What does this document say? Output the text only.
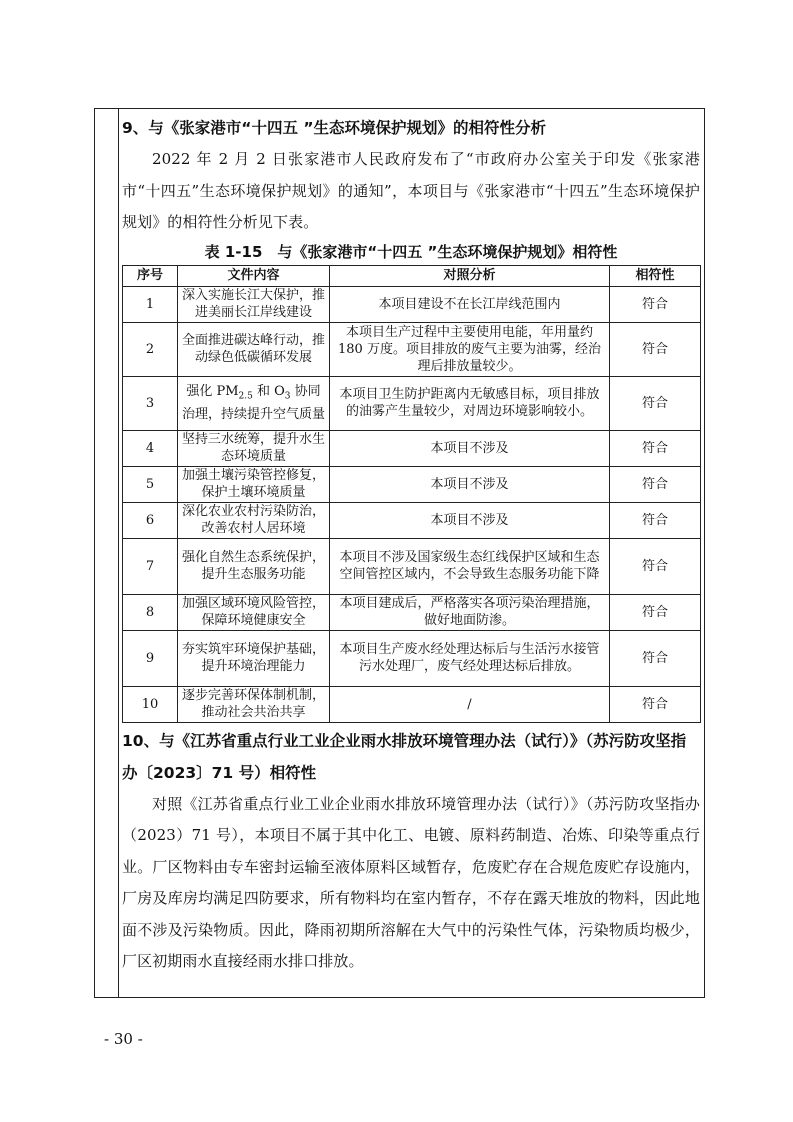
9、与《张家港市“十四五 ”生态环境保护规划》的相符性分析

2022 年 2 月 2 日张家港市人民政府发布了“市政府办公室关于印发《张家港市“十四五”生态环境保护规划》的通知”，本项目与《张家港市“十四五”生态环境保护规划》的相符性分析见下表。

表 1-15　与《张家港市“十四五 ”生态环境保护规划》相符性

序号	文件内容	对照分析	相符性
1	深入实施长江大保护，推进美丽长江岸线建设	本项目建设不在长江岸线范围内	符合
2	全面推进碳达峰行动，推动绿色低碳循环发展	本项目生产过程中主要使用电能，年用量约 180 万度。项目排放的废气主要为油雾，经治理后排放量较少。	符合
3	强化 $PM_{2.5}$ 和 $O_3$ 协同治理，持续提升空气质量	本项目卫生防护距离内无敏感目标，项目排放的油雾产生量较少，对周边环境影响较小。	符合
4	坚持三水统筹，提升水生态环境质量	本项目不涉及	符合
5	加强土壤污染管控修复，保护土壤环境质量	本项目不涉及	符合
6	深化农业农村污染防治，改善农村人居环境	本项目不涉及	符合
7	强化自然生态系统保护，提升生态服务功能	本项目不涉及国家级生态红线保护区域和生态空间管控区域内，不会导致生态服务功能下降	符合
8	加强区域环境风险管控，保障环境健康安全	本项目建成后，严格落实各项污染治理措施，做好地面防渗。	符合
9	夯实筑牢环境保护基础，提升环境治理能力	本项目生产废水经处理达标后与生活污水接管污水处理厂，废气经处理达标后排放。	符合
10	逐步完善环保体制机制，推动社会共治共享	/	符合

10、与《江苏省重点行业工业企业雨水排放环境管理办法（试行）》（苏污防攻坚指办〔2023〕71 号）相符性

对照《江苏省重点行业工业企业雨水排放环境管理办法（试行）》（苏污防攻坚指办（2023）71 号），本项目不属于其中化工、电镀、原料药制造、冶炼、印染等重点行业。厂区物料由专车密封运输至液体原料区域暂存，危废贮存在合规危废贮存设施内，厂房及库房均满足四防要求，所有物料均在室内暂存，不存在露天堆放的物料，因此地面不涉及污染物质。因此，降雨初期所溶解在大气中的污染性气体，污染物质均极少，厂区初期雨水直接经雨水排口排放。

- 30 -
